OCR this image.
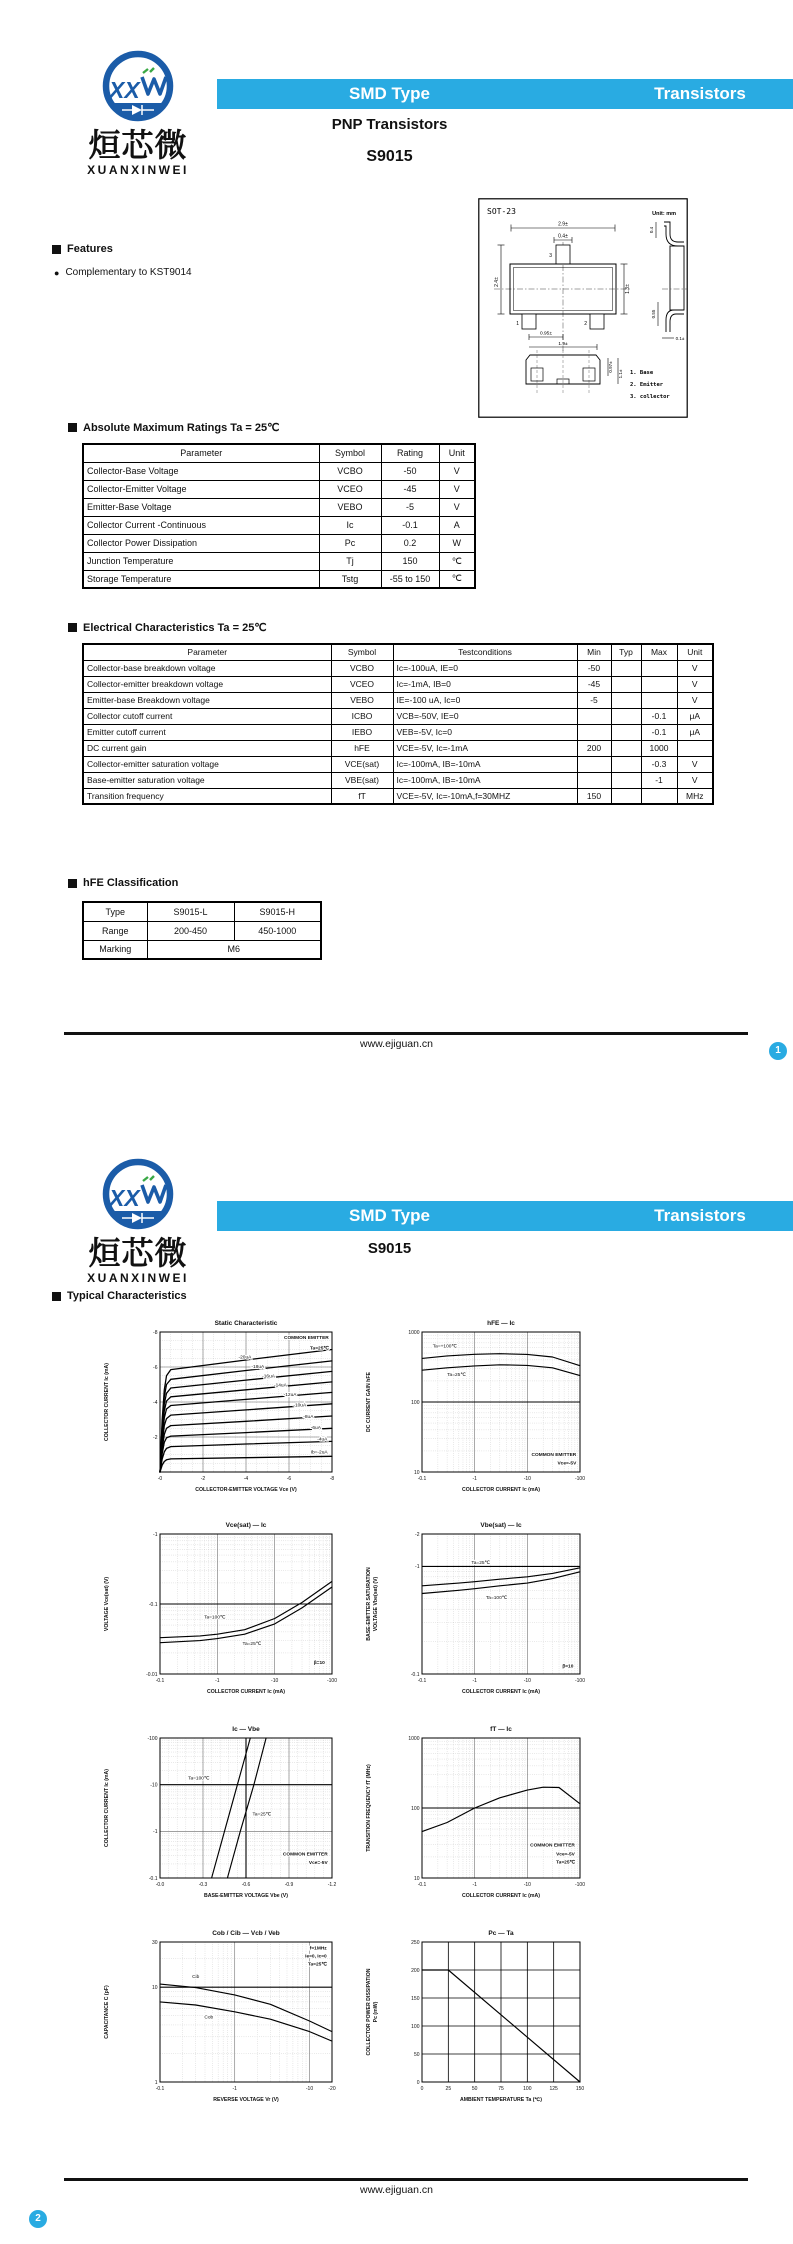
XX
烜芯微
XUANXINWEI
SMD Type	Transistors
PNP Transistors
S9015
Features
● Complementary to KST9014
SOT-23	Unit: mm
2.9±
0.4±
3
1	2
2.4±
1.3±
0.95±
1.9±
0.4
0.55
0.1±
0.97±
1.1± 1. Base
2. Emitter
3. collector
Absolute Maximum Ratings Ta = 25℃
Parameter	Symbol	Rating	Unit
Collector-Base Voltage	VCBO	-50	V
Collector-Emitter Voltage	VCEO	-45	V
Emitter-Base Voltage	VEBO	-5	V
Collector Current -Continuous	Ic	-0.1	A
Collector Power Dissipation	Pc	0.2	W
Junction Temperature	Tj	150	℃
Storage Temperature	Tstg	-55 to 150	℃
Electrical Characteristics Ta = 25℃
Parameter	Symbol	Testconditions	Min	Typ	Max	Unit
Collector-base breakdown voltage	VCBO	Ic=-100uA, IE=0	-50			V
Collector-emitter breakdown voltage	VCEO	Ic=-1mA, IB=0	-45			V
Emitter-base Breakdown voltage	VEBO	IE=-100 uA, Ic=0	-5			V
Collector cutoff current	ICBO	VCB=-50V, IE=0			-0.1	μA
Emitter cutoff current	IEBO	VEB=-5V, Ic=0			-0.1	μA
DC current gain	hFE	VCE=-5V, Ic=-1mA	200		1000	
Collector-emitter saturation voltage	VCE(sat)	Ic=-100mA, IB=-10mA			-0.3	V
Base-emitter saturation voltage	VBE(sat)	Ic=-100mA, IB=-10mA			-1	V
Transition frequency	fT	VCE=-5V, Ic=-10mA,f=30MHZ	150			MHz
hFE Classification
Type	S9015-L	S9015-H
Range	200-450	450-1000
Marking	M6	
www.ejiguan.cn
1
XX
烜芯微
XUANXINWEI
SMD Type	Transistors
S9015
Typical Characteristics
-0	-2	-4	-6	-8
-2
-4
-6
-8
-20uA
-18uA
-16uA
-14uA
-12uA
-10uA
-8uA
-6uA
-4uA
Ib=-2uA
COMMON EMITTER
Ta=25℃
Static Characteristic
COLLECTOR-EMITTER VOLTAGE Vce (V)
COLLECTOR CURRENT Ic (mA)
-0.1	-1	-10	-100
10
100
1000
Ta=+100℃
Ta=25℃
COMMON EMITTER
Vce=-5V
hFE — Ic
COLLECTOR CURRENT Ic (mA)
DC CURRENT GAIN hFE
-0.1	-1	-10	-100
-0.01
-0.1
-1
Ta=100℃
Ta=25℃
β=10
Vce(sat) — Ic
COLLECTOR CURRENT Ic (mA)
VOLTAGE Vce(sat) (V)
-0.1	-1	-10	-100
-0.1
-1
-2
Ta=25℃
Ta=100℃
β=10
Vbe(sat) — Ic
COLLECTOR CURRENT Ic (mA)
BASE-EMITTER SATURATION VOLTAGE Vbe(sat) (V)
-0.0	-0.3	-0.6	-0.9	-1.2
-0.1
-1
-10
-100
Ta=100℃
Ta=25℃
COMMON EMITTER
Vce=-5V
Ic — Vbe
BASE-EMITTER VOLTAGE Vbe (V)
COLLECTOR CURRENT Ic (mA)
-0.1	-1	-10	-100
10
100
1000
COMMON EMITTER
Vce=-5V
Ta=25℃
fT — Ic
COLLECTOR CURRENT Ic (mA)
TRANSITION FREQUENCY fT (MHz)
-0.1	-1	-10	-20
1
10
30
Cib
Cob
f=1MHz
Ie=0, Ic=0
Ta=25℃
Cob / Cib — Vcb / Veb
REVERSE VOLTAGE Vr (V)
CAPACITANCE C (pF)
0	25	50	75	100	125	150
0
50
100
150
200
250
Pc — Ta
AMBIENT TEMPERATURE Ta (℃)
COLLECTOR POWER DISSIPATION Pc (mW)
www.ejiguan.cn
2
